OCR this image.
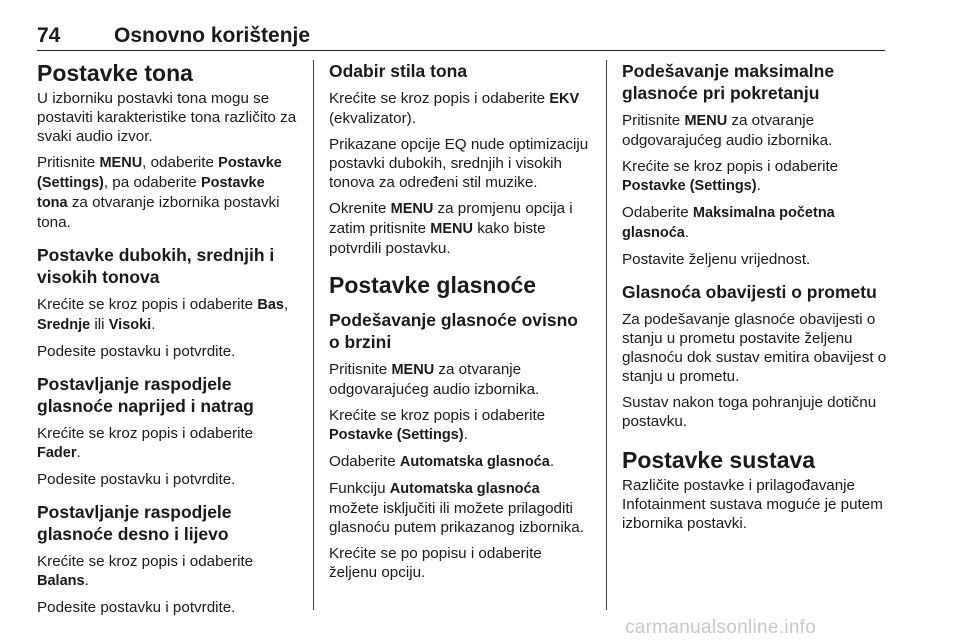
74	Osnovno korištenje
Postavke tona

U izborniku postavki tona mogu se postaviti karakteristike tona različito za svaki audio izvor.

Pritisnite MENU, odaberite Postavke (Settings), pa odaberite Postavke tona za otvaranje izbornika postavki tona.

Postavke dubokih, srednjih i visokih tonova

Krećite se kroz popis i odaberite Bas, Srednje ili Visoki.

Podesite postavku i potvrdite.

Postavljanje raspodjele glasnoće naprijed i natrag

Krećite se kroz popis i odaberite Fader.

Podesite postavku i potvrdite.

Postavljanje raspodjele glasnoće desno i lijevo

Krećite se kroz popis i odaberite Balans.

Podesite postavku i potvrdite.

Odabir stila tona

Krećite se kroz popis i odaberite EKV (ekvalizator).

Prikazane opcije EQ nude optimizaciju postavki dubokih, srednjih i visokih tonova za određeni stil muzike.

Okrenite MENU za promjenu opcija i zatim pritisnite MENU kako biste potvrdili postavku.

Postavke glasnoće
Podešavanje glasnoće ovisno o brzini

Pritisnite MENU za otvaranje odgovarajućeg audio izbornika.

Krećite se kroz popis i odaberite Postavke (Settings).

Odaberite Automatska glasnoća.

Funkciju Automatska glasnoća možete isključiti ili možete prilagoditi glasnoću putem prikazanog izbornika.

Krećite se po popisu i odaberite željenu opciju.

Podešavanje maksimalne glasnoće pri pokretanju

Pritisnite MENU za otvaranje odgovarajućeg audio izbornika.

Krećite se kroz popis i odaberite Postavke (Settings).

Odaberite Maksimalna početna glasnoća.

Postavite željenu vrijednost.

Glasnoća obavijesti o prometu

Za podešavanje glasnoće obavijesti o stanju u prometu postavite željenu glasnoću dok sustav emitira obavijest o stanju u prometu.

Sustav nakon toga pohranjuje dotičnu postavku.

Postavke sustava

Različite postavke i prilagođavanje Infotainment sustava moguće je putem izbornika postavki.

carmanualsonline.info
